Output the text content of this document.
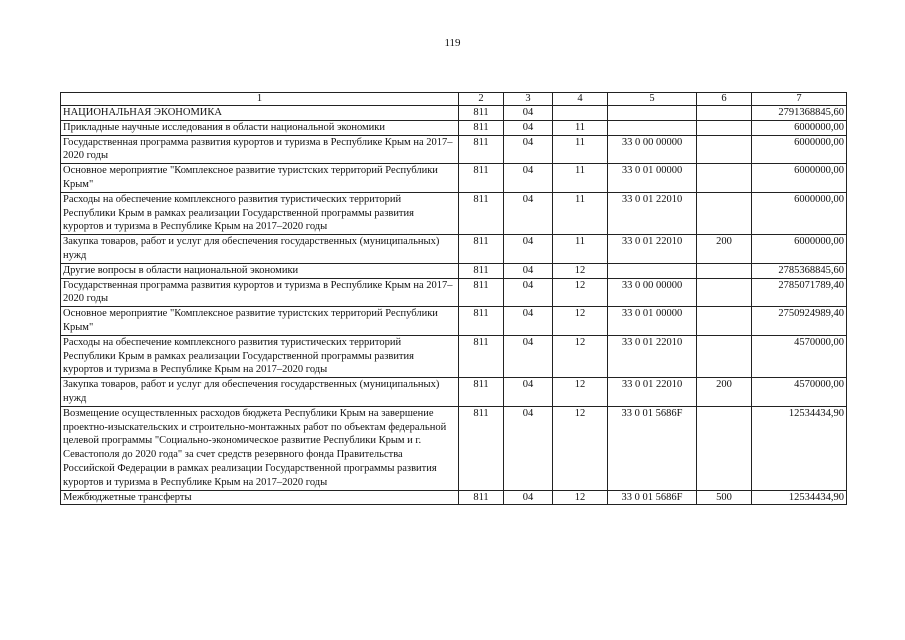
119
1	2	3	4	5	6	7
НАЦИОНАЛЬНАЯ ЭКОНОМИКА	811	04				2791368845,60
Прикладные научные исследования в области национальной экономики	811	04	11			6000000,00
Государственная программа развития курортов и туризма в Республике Крым на 2017–2020 годы	811	04	11	33 0 00 00000		6000000,00
Основное мероприятие "Комплексное развитие туристских территорий Республики Крым"	811	04	11	33 0 01 00000		6000000,00
Расходы на обеспечение комплексного развития туристических территорий Республики Крым в рамках реализации Государственной программы развития курортов и туризма в Республике Крым на 2017–2020 годы	811	04	11	33 0 01 22010		6000000,00
Закупка товаров, работ и услуг для обеспечения государственных (муниципальных) нужд	811	04	11	33 0 01 22010	200	6000000,00
Другие вопросы в области национальной экономики	811	04	12			2785368845,60
Государственная программа развития курортов и туризма в Республике Крым на 2017–2020 годы	811	04	12	33 0 00 00000		2785071789,40
Основное мероприятие "Комплексное развитие туристских территорий Республики Крым"	811	04	12	33 0 01 00000		2750924989,40
Расходы на обеспечение комплексного развития туристических территорий Республики Крым в рамках реализации Государственной программы развития курортов и туризма в Республике Крым на 2017–2020 годы	811	04	12	33 0 01 22010		4570000,00
Закупка товаров, работ и услуг для обеспечения государственных (муниципальных) нужд	811	04	12	33 0 01 22010	200	4570000,00
Возмещение осуществленных расходов бюджета Республики Крым на завершение проектно-изыскательских и строительно-монтажных работ по объектам федеральной целевой программы "Социально-экономическое развитие Республики Крым и г. Севастополя до 2020 года" за счет средств резервного фонда Правительства Российской Федерации в рамках реализации Государственной программы развития курортов и туризма в Республике Крым на 2017–2020 годы	811	04	12	33 0 01 5686F		12534434,90
Межбюджетные трансферты	811	04	12	33 0 01 5686F	500	12534434,90
